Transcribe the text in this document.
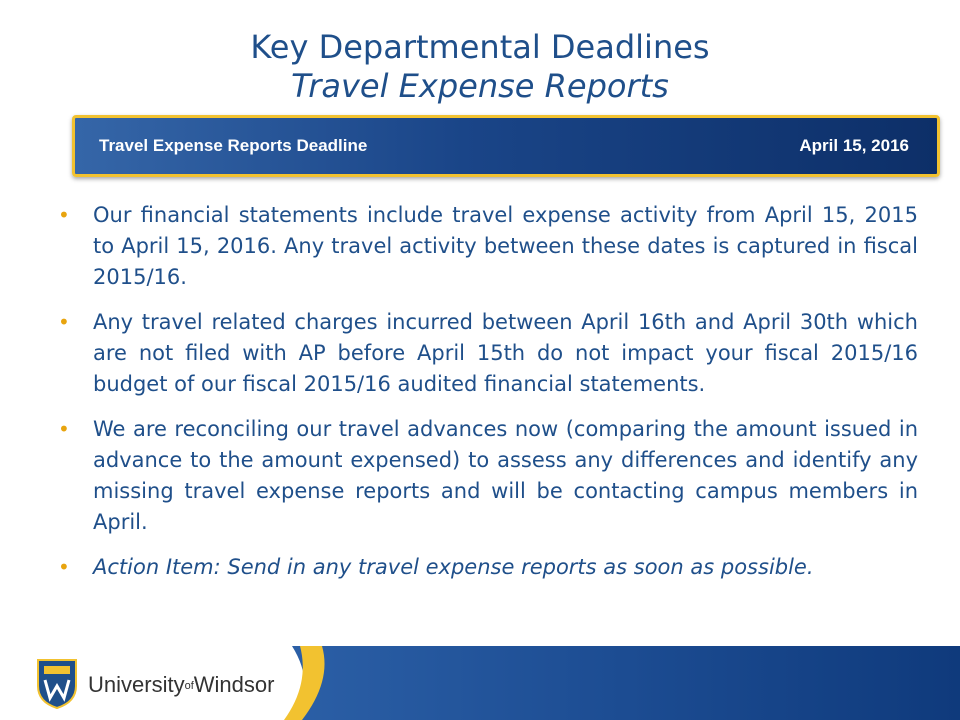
Key Departmental Deadlines
Travel Expense Reports
Travel Expense Reports Deadline	April 15, 2016
• Our financial statements include travel expense activity from April 15, 2015 to April 15, 2016. Any travel activity between these dates is captured in fiscal 2015/16.
• Any travel related charges incurred between April 16th and April 30th which are not filed with AP before April 15th do not impact your fiscal 2015/16 budget of our fiscal 2015/16 audited financial statements.
• We are reconciling our travel advances now (comparing the amount issued in advance to the amount expensed) to assess any differences and identify any missing travel expense reports and will be contacting campus members in April.
• Action Item: Send in any travel expense reports as soon as possible.
UniversityofWindsor
